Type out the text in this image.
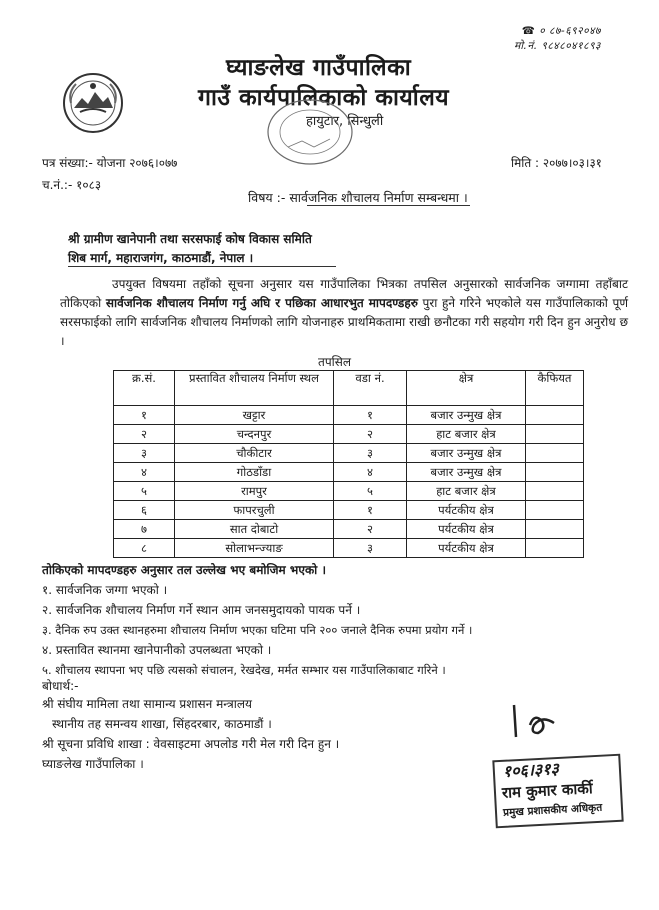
☎ ० ८७-६९२०४७
मो.नं. ९८४८०४१८९३
घ्याङलेख गाउँपालिका
गाउँ कार्यपालिकाको कार्यालय
हायुटार, सिन्धुली
पत्र संख्या:- योजना २०७६।०७७
च.नं.:- १०८३
मिति : २०७७।०३।३१
विषय :- सार्वजनिक शौचालय निर्माण सम्बन्धमा ।
श्री ग्रामीण खानेपानी तथा सरसफाई कोष विकास समिति
शिब मार्ग, महाराजगंग, काठमाडौं, नेपाल ।
उपयुक्त विषयमा तहाँको सूचना अनुसार यस गाउँपालिका भित्रका तपसिल अनुसारको सार्वजनिक जग्गामा तहाँबाट तोकिएको सार्वजनिक शौचालय निर्माण गर्नु अघि र पछिका आधारभुत मापदण्डहरु पुरा हुने गरिने भएकोले यस गाउँपालिकाको पूर्ण सरसफाईको लागि सार्वजनिक शौचालय निर्माणको लागि योजनाहरु प्राथमिकतामा राखी छनौटका गरी सहयोग गरी दिन हुन अनुरोध छ ।
तपसिल
क्र.सं.	प्रस्तावित शौचालय निर्माण स्थल	वडा नं.	क्षेत्र	कैफियत
१	खट्टार	१	बजार उन्मुख क्षेत्र	
२	चन्दनपुर	२	हाट बजार क्षेत्र	
३	चौकीटार	३	बजार उन्मुख क्षेत्र	
४	गोठडाँडा	४	बजार उन्मुख क्षेत्र	
५	रामपुर	५	हाट बजार क्षेत्र	
६	फापरचुली	१	पर्यटकीय क्षेत्र	
७	सात दोबाटो	२	पर्यटकीय क्षेत्र	
८	सोलाभन्ज्याङ	३	पर्यटकीय क्षेत्र	
तोकिएको मापदण्डहरु अनुसार तल उल्लेख भए बमोजिम भएको ।
१. सार्वजनिक जग्गा भएको ।
२. सार्वजनिक शौचालय निर्माण गर्ने स्थान आम जनसमुदायको पायक पर्ने ।
३. दैनिक रुप उक्त स्थानहरुमा शौचालय निर्माण भएका घटिमा पनि २०० जनाले दैनिक रुपमा प्रयोग गर्ने ।
४. प्रस्तावित स्थानमा खानेपानीको उपलब्धता भएको ।
५. शौचालय स्थापना भए पछि त्यसको संचालन, रेखदेख, मर्मत सम्भार यस गाउँपालिकाबाट गरिने ।
बोधार्थ:-
श्री संघीय मामिला तथा सामान्य प्रशासन मन्त्रालय
स्थानीय तह समन्वय शाखा, सिंहदरबार, काठमाडौं ।
श्री सूचना प्रविधि शाखा : वेवसाइटमा अपलोड गरी मेल गरी दिन हुन ।
घ्याङलेख गाउँपालिका ।	१०६।३१३
राम कुमार कार्की
प्रमुख प्रशासकीय अधिकृत
